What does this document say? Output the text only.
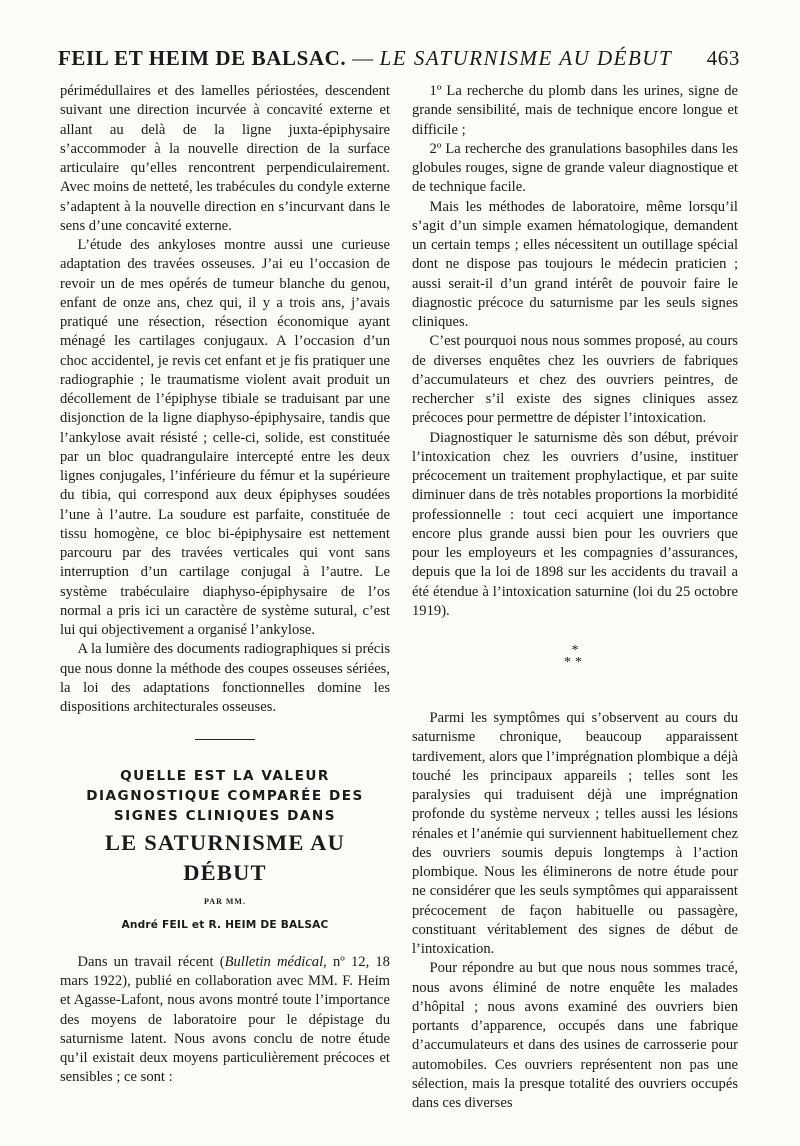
FEIL ET HEIM DE BALSAC. — LE SATURNISME AU DÉBUT 463

périmédullaires et des lamelles périostées, descendent suivant une direction incurvée à concavité externe et allant au delà de la ligne juxta-épiphysaire s’accommoder à la nouvelle direction de la surface articulaire qu’elles rencontrent perpendiculairement. Avec moins de netteté, les trabécules du condyle externe s’adaptent à la nouvelle direction en s’incurvant dans le sens d’une concavité externe.

L’étude des ankyloses montre aussi une curieuse adaptation des travées osseuses. J’ai eu l’occasion de revoir un de mes opérés de tumeur blanche du genou, enfant de onze ans, chez qui, il y a trois ans, j’avais pratiqué une résection, résection économique ayant ménagé les cartilages conjugaux. A l’occasion d’un choc accidentel, je revis cet enfant et je fis pratiquer une radiographie ; le traumatisme violent avait produit un décollement de l’épiphyse tibiale se traduisant par une disjonction de la ligne diaphyso-épiphysaire, tandis que l’ankylose avait résisté ; celle-ci, solide, est constituée par un bloc quadrangulaire intercepté entre les deux lignes conjugales, l’inférieure du fémur et la supérieure du tibia, qui correspond aux deux épiphyses soudées l’une à l’autre. La soudure est parfaite, constituée de tissu homogène, ce bloc bi-épiphysaire est nettement parcouru par des travées verticales qui vont sans interruption d’un cartilage conjugal à l’autre. Le système trabéculaire diaphyso-épiphysaire de l’os normal a pris ici un caractère de système sutural, c’est lui qui objectivement a organisé l’ankylose.

A la lumière des documents radiographiques si précis que nous donne la méthode des coupes osseuses sériées, la loi des adaptations fonctionnelles domine les dispositions architecturales osseuses.

QUELLE EST LA VALEUR
DIAGNOSTIQUE COMPARÉE DES
SIGNES CLINIQUES DANS
LE SATURNISME AU DÉBUT
PAR MM.
André FEIL et R. HEIM DE BALSAC

Dans un travail récent (Bulletin médical, nº 12, 18 mars 1922), publié en collaboration avec MM. F. Heim et Agasse-Lafont, nous avons montré toute l’importance des moyens de laboratoire pour le dépistage du saturnisme latent. Nous avons conclu de notre étude qu’il existait deux moyens particulièrement précoces et sensibles ; ce sont :

1º La recherche du plomb dans les urines, signe de grande sensibilité, mais de technique encore longue et difficile ;

2º La recherche des granulations basophiles dans les globules rouges, signe de grande valeur diagnostique et de technique facile.

Mais les méthodes de laboratoire, même lorsqu’il s’agit d’un simple examen hématologique, demandent un certain temps ; elles nécessitent un outillage spécial dont ne dispose pas toujours le médecin praticien ; aussi serait-il d’un grand intérêt de pouvoir faire le diagnostic précoce du saturnisme par les seuls signes cliniques.

C’est pourquoi nous nous sommes proposé, au cours de diverses enquêtes chez les ouvriers de fabriques d’accumulateurs et chez des ouvriers peintres, de rechercher s’il existe des signes cliniques assez précoces pour permettre de dépister l’intoxication.

Diagnostiquer le saturnisme dès son début, prévoir l’intoxication chez les ouvriers d’usine, instituer précocement un traitement prophylactique, et par suite diminuer dans de très notables proportions la morbidité professionnelle : tout ceci acquiert une importance encore plus grande aussi bien pour les ouvriers que pour les employeurs et les compagnies d’assurances, depuis que la loi de 1898 sur les accidents du travail a été étendue à l’intoxication saturnine (loi du 25 octobre 1919).

*
**

Parmi les symptômes qui s’observent au cours du saturnisme chronique, beaucoup apparaissent tardivement, alors que l’imprégnation plombique a déjà touché les principaux appareils ; telles sont les paralysies qui traduisent déjà une imprégnation profonde du système nerveux ; telles aussi les lésions rénales et l’anémie qui surviennent habituellement chez des ouvriers soumis depuis longtemps à l’action plombique. Nous les éliminerons de notre étude pour ne considérer que les seuls symptômes qui apparaissent précocement de façon habituelle ou passagère, constituant véritablement des signes de début de l’intoxication.

Pour répondre au but que nous nous sommes tracé, nous avons éliminé de notre enquête les malades d’hôpital ; nous avons examiné des ouvriers bien portants d’apparence, occupés dans une fabrique d’accumulateurs et dans des usines de carrosserie pour automobiles. Ces ouvriers représentent non pas une sélection, mais la presque totalité des ouvriers occupés dans ces diverses
